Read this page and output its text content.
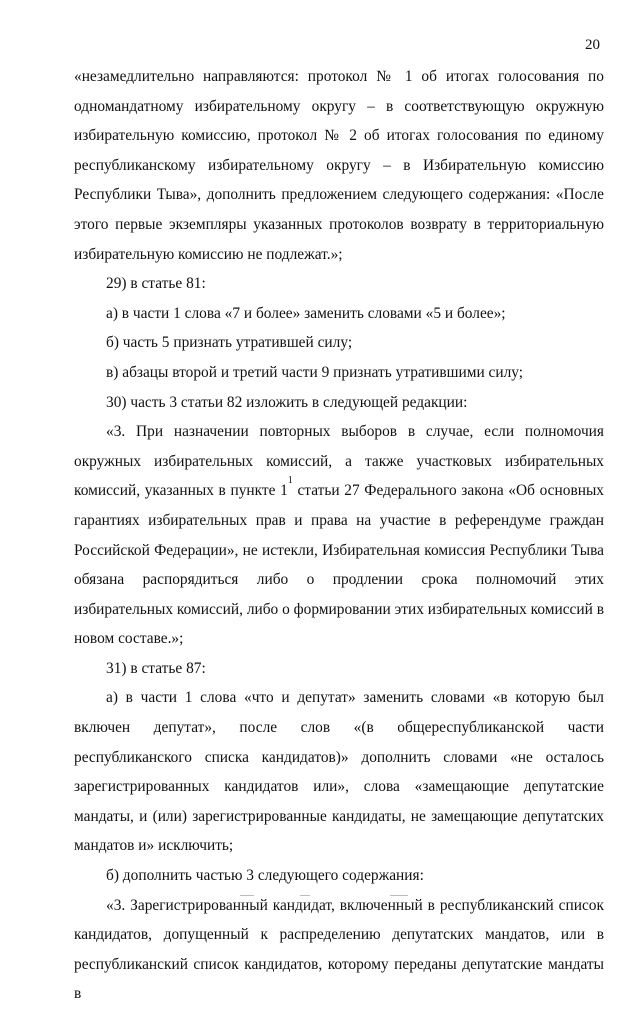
20

«незамедлительно направляются: протокол № 1 об итогах голосования по одномандатному избирательному округу – в соответствующую окружную избирательную комиссию, протокол № 2 об итогах голосования по единому республиканскому избирательному округу – в Избирательную комиссию Республики Тыва», дополнить предложением следующего содержания: «После этого первые экземпляры указанных протоколов возврату в территориальную избирательную комиссию не подлежат.»;

29) в статье 81:

а) в части 1 слова «7 и более» заменить словами «5 и более»;

б) часть 5 признать утратившей силу;

в) абзацы второй и третий части 9 признать утратившими силу;

30) часть 3 статьи 82 изложить в следующей редакции:

«3. При назначении повторных выборов в случае, если полномочия окружных избирательных комиссий, а также участковых избирательных комиссий, указанных в пункте $1^1$ статьи 27 Федерального закона «Об основных гарантиях избирательных прав и права на участие в референдуме граждан Российской Федерации», не истекли, Избирательная комиссия Республики Тыва обязана распорядиться либо о продлении срока полномочий этих избирательных комиссий, либо о формировании этих избирательных комиссий в новом составе.»;

31) в статье 87:

а) в части 1 слова «что и депутат» заменить словами «в которую был включен депутат», после слов «(в общереспубликанской части республиканского списка кандидатов)» дополнить словами «не осталось зарегистрированных кандидатов или», слова «замещающие депутатские мандаты, и (или) зарегистрированные кандидаты, не замещающие депутатских мандатов и» исключить;

б) дополнить частью 3 следующего содержания:

«3. Зарегистрированный кандидат, включенный в республиканский список кандидатов, допущенный к распределению депутатских мандатов, или в республиканский список кандидатов, которому переданы депутатские мандаты в
